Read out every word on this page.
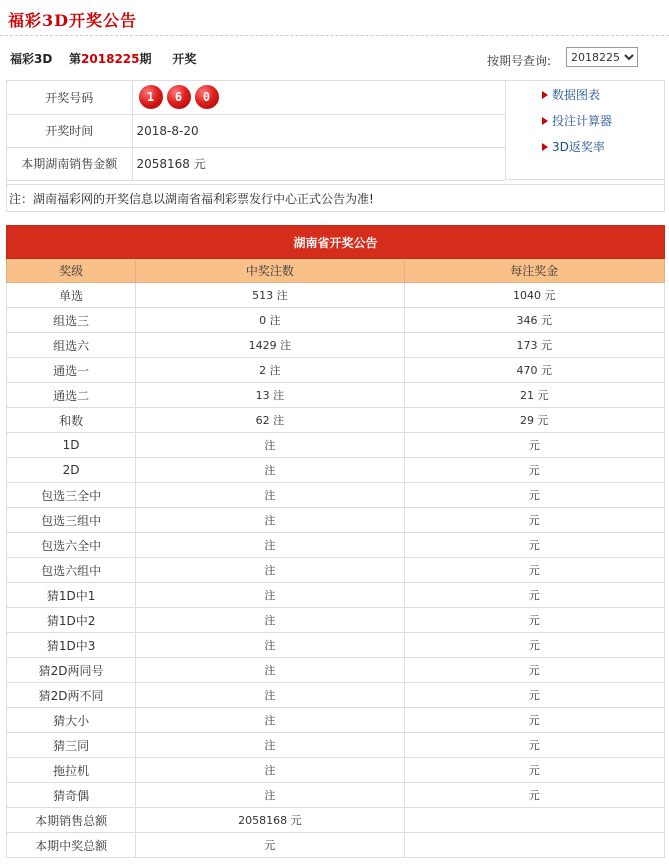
福彩3D开奖公告
福彩3D 第2018225期 开奖	按期号查询:
2018225
开奖号码	1 6 0

开奖时间	2018-8-20
本期湖南销售金额	2058168 元
数据图表
投注计算器
3D返奖率
注：湖南福彩网的开奖信息以湖南省福利彩票发行中心正式公告为准!
湖南省开奖公告		
奖级	中奖注数	每注奖金
单选	513 注	1040 元
组选三	0 注	346 元
组选六	1429 注	173 元
通选一	2 注	470 元
通选二	13 注	21 元
和数	62 注	29 元
1D	注	元
2D	注	元
包选三全中	注	元
包选三组中	注	元
包选六全中	注	元
包选六组中	注	元
猜1D中1	注	元
猜1D中2	注	元
猜1D中3	注	元
猜2D两同号	注	元
猜2D两不同	注	元
猜大小	注	元
猜三同	注	元
拖拉机	注	元
猜奇偶	注	元
本期销售总额	2058168 元	
本期中奖总额	元	
